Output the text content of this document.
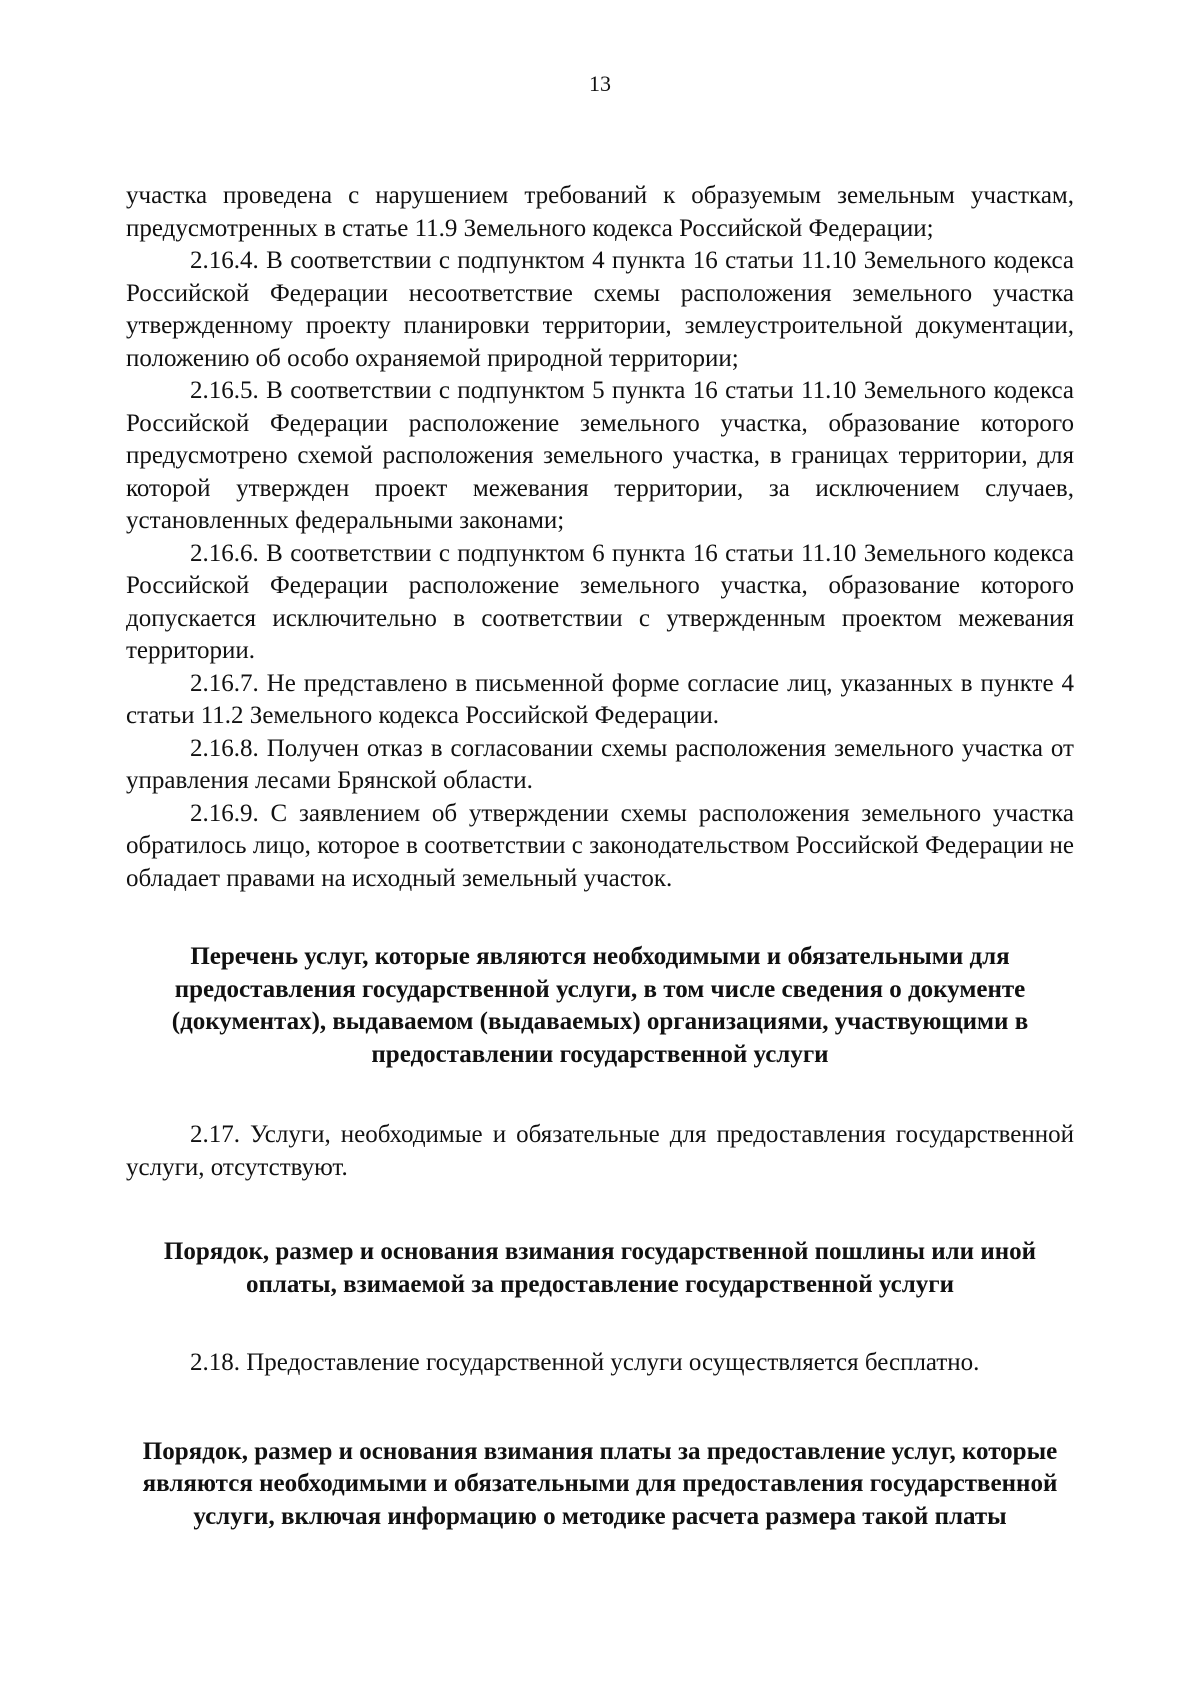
13

участка проведена с нарушением требований к образуемым земельным участкам, предусмотренных в статье 11.9 Земельного кодекса Российской Федерации;

2.16.4. В соответствии с подпунктом 4 пункта 16 статьи 11.10 Земельного кодекса Российской Федерации несоответствие схемы расположения земельного участка утвержденному проекту планировки территории, землеустроительной документации, положению об особо охраняемой природной территории;

2.16.5. В соответствии с подпунктом 5 пункта 16 статьи 11.10 Земельного кодекса Российской Федерации расположение земельного участка, образование которого предусмотрено схемой расположения земельного участка, в границах территории, для которой утвержден проект межевания территории, за исключением случаев, установленных федеральными законами;

2.16.6. В соответствии с подпунктом 6 пункта 16 статьи 11.10 Земельного кодекса Российской Федерации расположение земельного участка, образование которого допускается исключительно в соответствии с утвержденным проектом межевания территории.

2.16.7. Не представлено в письменной форме согласие лиц, указанных в пункте 4 статьи 11.2 Земельного кодекса Российской Федерации.

2.16.8. Получен отказ в согласовании схемы расположения земельного участка от управления лесами Брянской области.

2.16.9. С заявлением об утверждении схемы расположения земельного участка обратилось лицо, которое в соответствии с законодательством Российской Федерации не обладает правами на исходный земельный участок.

Перечень услуг, которые являются необходимыми и обязательными для предоставления государственной услуги, в том числе сведения о документе (документах), выдаваемом (выдаваемых) организациями, участвующими в предоставлении государственной услуги

2.17. Услуги, необходимые и обязательные для предоставления государственной услуги, отсутствуют.

Порядок, размер и основания взимания государственной пошлины или иной оплаты, взимаемой за предоставление государственной услуги

2.18. Предоставление государственной услуги осуществляется бесплатно.

Порядок, размер и основания взимания платы за предоставление услуг, которые являются необходимыми и обязательными для предоставления государственной услуги, включая информацию о методике расчета размера такой платы
